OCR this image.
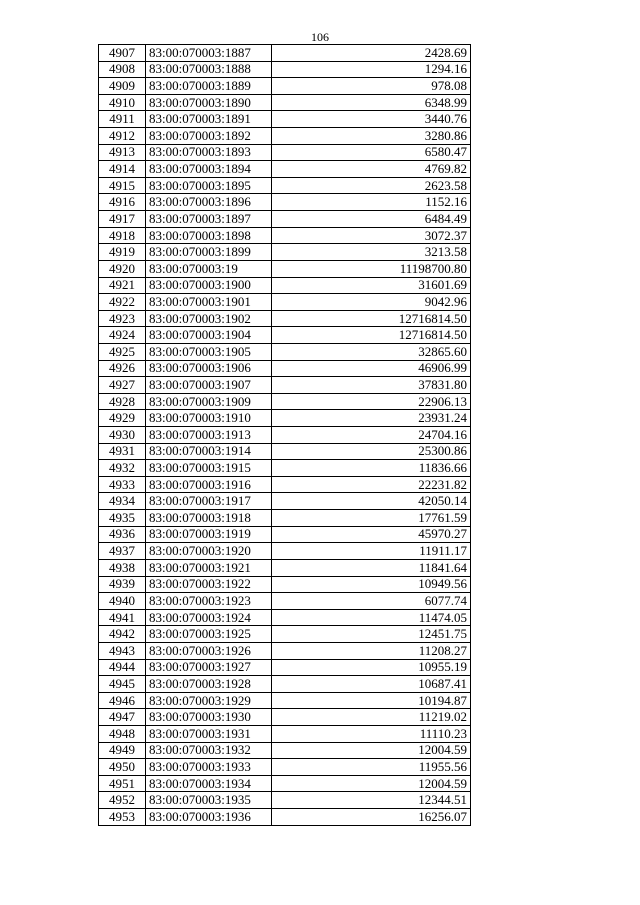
106
4907	83:00:070003:1887	2428.69
4908	83:00:070003:1888	1294.16
4909	83:00:070003:1889	978.08
4910	83:00:070003:1890	6348.99
4911	83:00:070003:1891	3440.76
4912	83:00:070003:1892	3280.86
4913	83:00:070003:1893	6580.47
4914	83:00:070003:1894	4769.82
4915	83:00:070003:1895	2623.58
4916	83:00:070003:1896	1152.16
4917	83:00:070003:1897	6484.49
4918	83:00:070003:1898	3072.37
4919	83:00:070003:1899	3213.58
4920	83:00:070003:19	11198700.80
4921	83:00:070003:1900	31601.69
4922	83:00:070003:1901	9042.96
4923	83:00:070003:1902	12716814.50
4924	83:00:070003:1904	12716814.50
4925	83:00:070003:1905	32865.60
4926	83:00:070003:1906	46906.99
4927	83:00:070003:1907	37831.80
4928	83:00:070003:1909	22906.13
4929	83:00:070003:1910	23931.24
4930	83:00:070003:1913	24704.16
4931	83:00:070003:1914	25300.86
4932	83:00:070003:1915	11836.66
4933	83:00:070003:1916	22231.82
4934	83:00:070003:1917	42050.14
4935	83:00:070003:1918	17761.59
4936	83:00:070003:1919	45970.27
4937	83:00:070003:1920	11911.17
4938	83:00:070003:1921	11841.64
4939	83:00:070003:1922	10949.56
4940	83:00:070003:1923	6077.74
4941	83:00:070003:1924	11474.05
4942	83:00:070003:1925	12451.75
4943	83:00:070003:1926	11208.27
4944	83:00:070003:1927	10955.19
4945	83:00:070003:1928	10687.41
4946	83:00:070003:1929	10194.87
4947	83:00:070003:1930	11219.02
4948	83:00:070003:1931	11110.23
4949	83:00:070003:1932	12004.59
4950	83:00:070003:1933	11955.56
4951	83:00:070003:1934	12004.59
4952	83:00:070003:1935	12344.51
4953	83:00:070003:1936	16256.07
